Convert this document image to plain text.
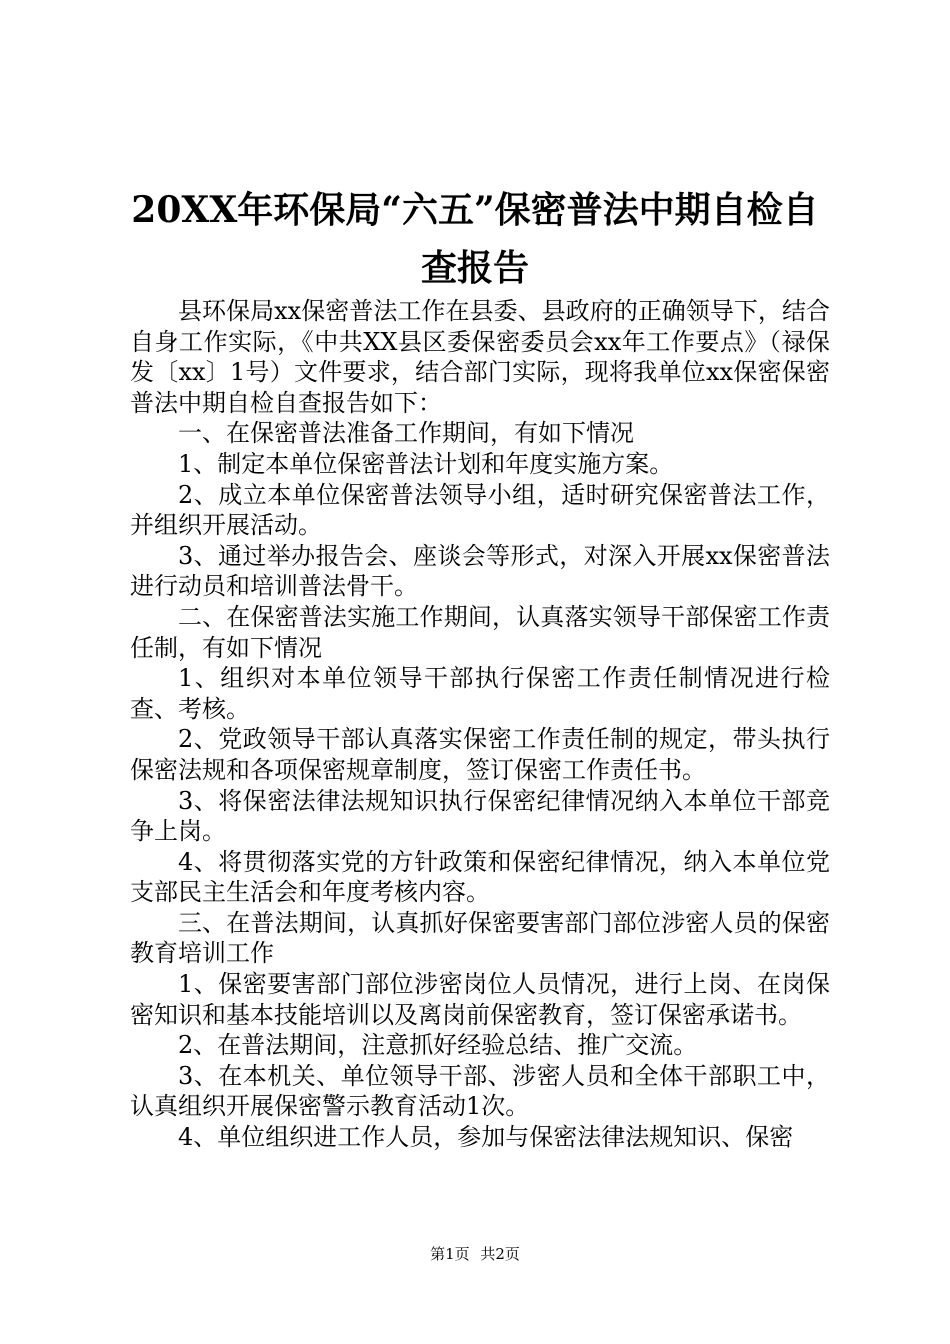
20XX年环保局“六五”保密普法中期自检自
查报告

县环保局xx保密普法工作在县委、县政府的正确领导下，结合自身工作实际，《中共XX县区委保密委员会xx年工作要点》（禄保发〔xx〕1号）文件要求，结合部门实际，现将我单位xx保密保密普法中期自检自查报告如下：

一、在保密普法准备工作期间，有如下情况

1、制定本单位保密普法计划和年度实施方案。

2、成立本单位保密普法领导小组，适时研究保密普法工作，并组织开展活动。

3、通过举办报告会、座谈会等形式，对深入开展xx保密普法进行动员和培训普法骨干。

二、在保密普法实施工作期间，认真落实领导干部保密工作责任制，有如下情况

1、组织对本单位领导干部执行保密工作责任制情况进行检查、考核。

2、党政领导干部认真落实保密工作责任制的规定，带头执行保密法规和各项保密规章制度，签订保密工作责任书。

3、将保密法律法规知识执行保密纪律情况纳入本单位干部竞争上岗。

4、将贯彻落实党的方针政策和保密纪律情况，纳入本单位党支部民主生活会和年度考核内容。

三、在普法期间，认真抓好保密要害部门部位涉密人员的保密教育培训工作

1、保密要害部门部位涉密岗位人员情况，进行上岗、在岗保密知识和基本技能培训以及离岗前保密教育，签订保密承诺书。

2、在普法期间，注意抓好经验总结、推广交流。

3、在本机关、单位领导干部、涉密人员和全体干部职工中，认真组织开展保密警示教育活动1次。

4、单位组织进工作人员，参加与保密法律法规知识、保密

第1页 共2页
